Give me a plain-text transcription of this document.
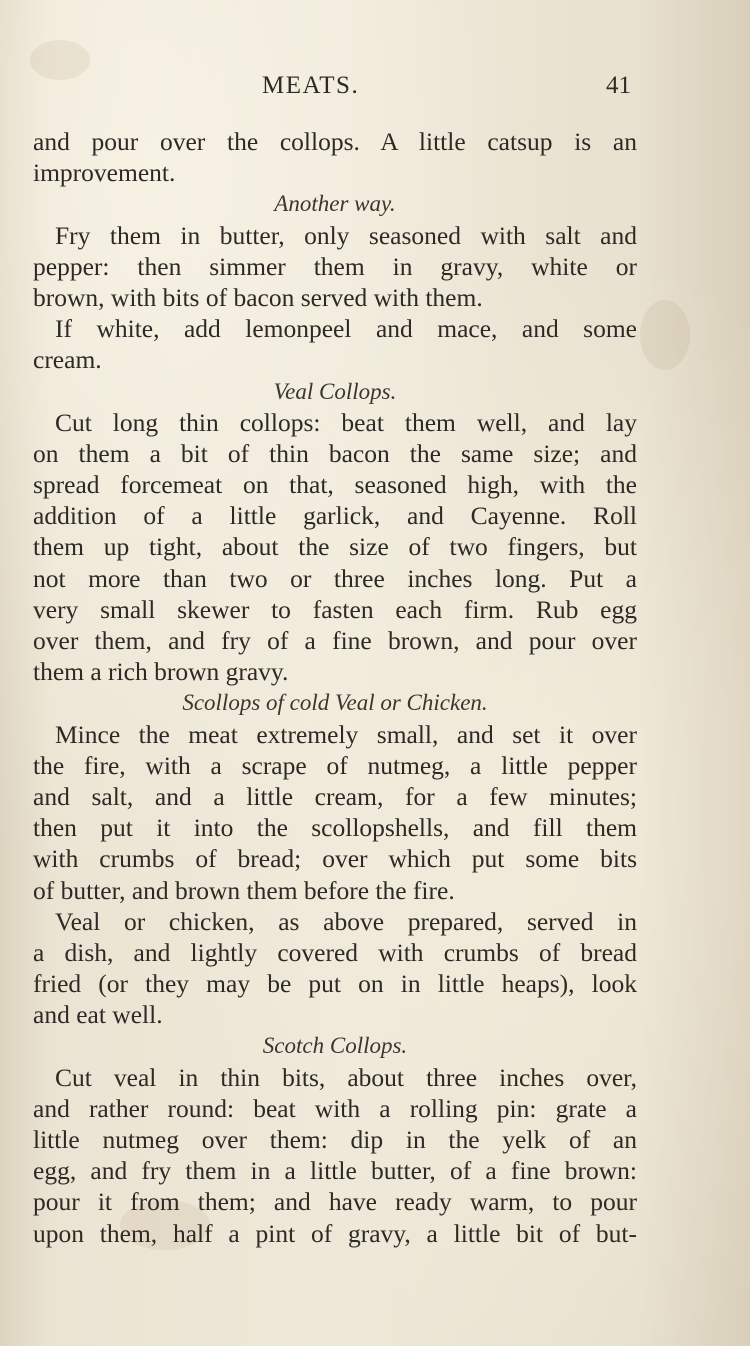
MEATS.	41
and pour over the collops. A little catsup is an
improvement.
Another way.
Fry them in butter, only seasoned with salt and
pepper: then simmer them in gravy, white or
brown, with bits of bacon served with them.
If white, add lemonpeel and mace, and some
cream.
Veal Collops.
Cut long thin collops: beat them well, and lay
on them a bit of thin bacon the same size; and
spread forcemeat on that, seasoned high, with the
addition of a little garlick, and Cayenne. Roll
them up tight, about the size of two fingers, but
not more than two or three inches long. Put a
very small skewer to fasten each firm. Rub egg
over them, and fry of a fine brown, and pour over
them a rich brown gravy.
Scollops of cold Veal or Chicken.
Mince the meat extremely small, and set it over
the fire, with a scrape of nutmeg, a little pepper
and salt, and a little cream, for a few minutes;
then put it into the scollopshells, and fill them
with crumbs of bread; over which put some bits
of butter, and brown them before the fire.
Veal or chicken, as above prepared, served in
a dish, and lightly covered with crumbs of bread
fried (or they may be put on in little heaps), look
and eat well.
Scotch Collops.
Cut veal in thin bits, about three inches over,
and rather round: beat with a rolling pin: grate a
little nutmeg over them: dip in the yelk of an
egg, and fry them in a little butter, of a fine brown:
pour it from them; and have ready warm, to pour
upon them, half a pint of gravy, a little bit of but-
